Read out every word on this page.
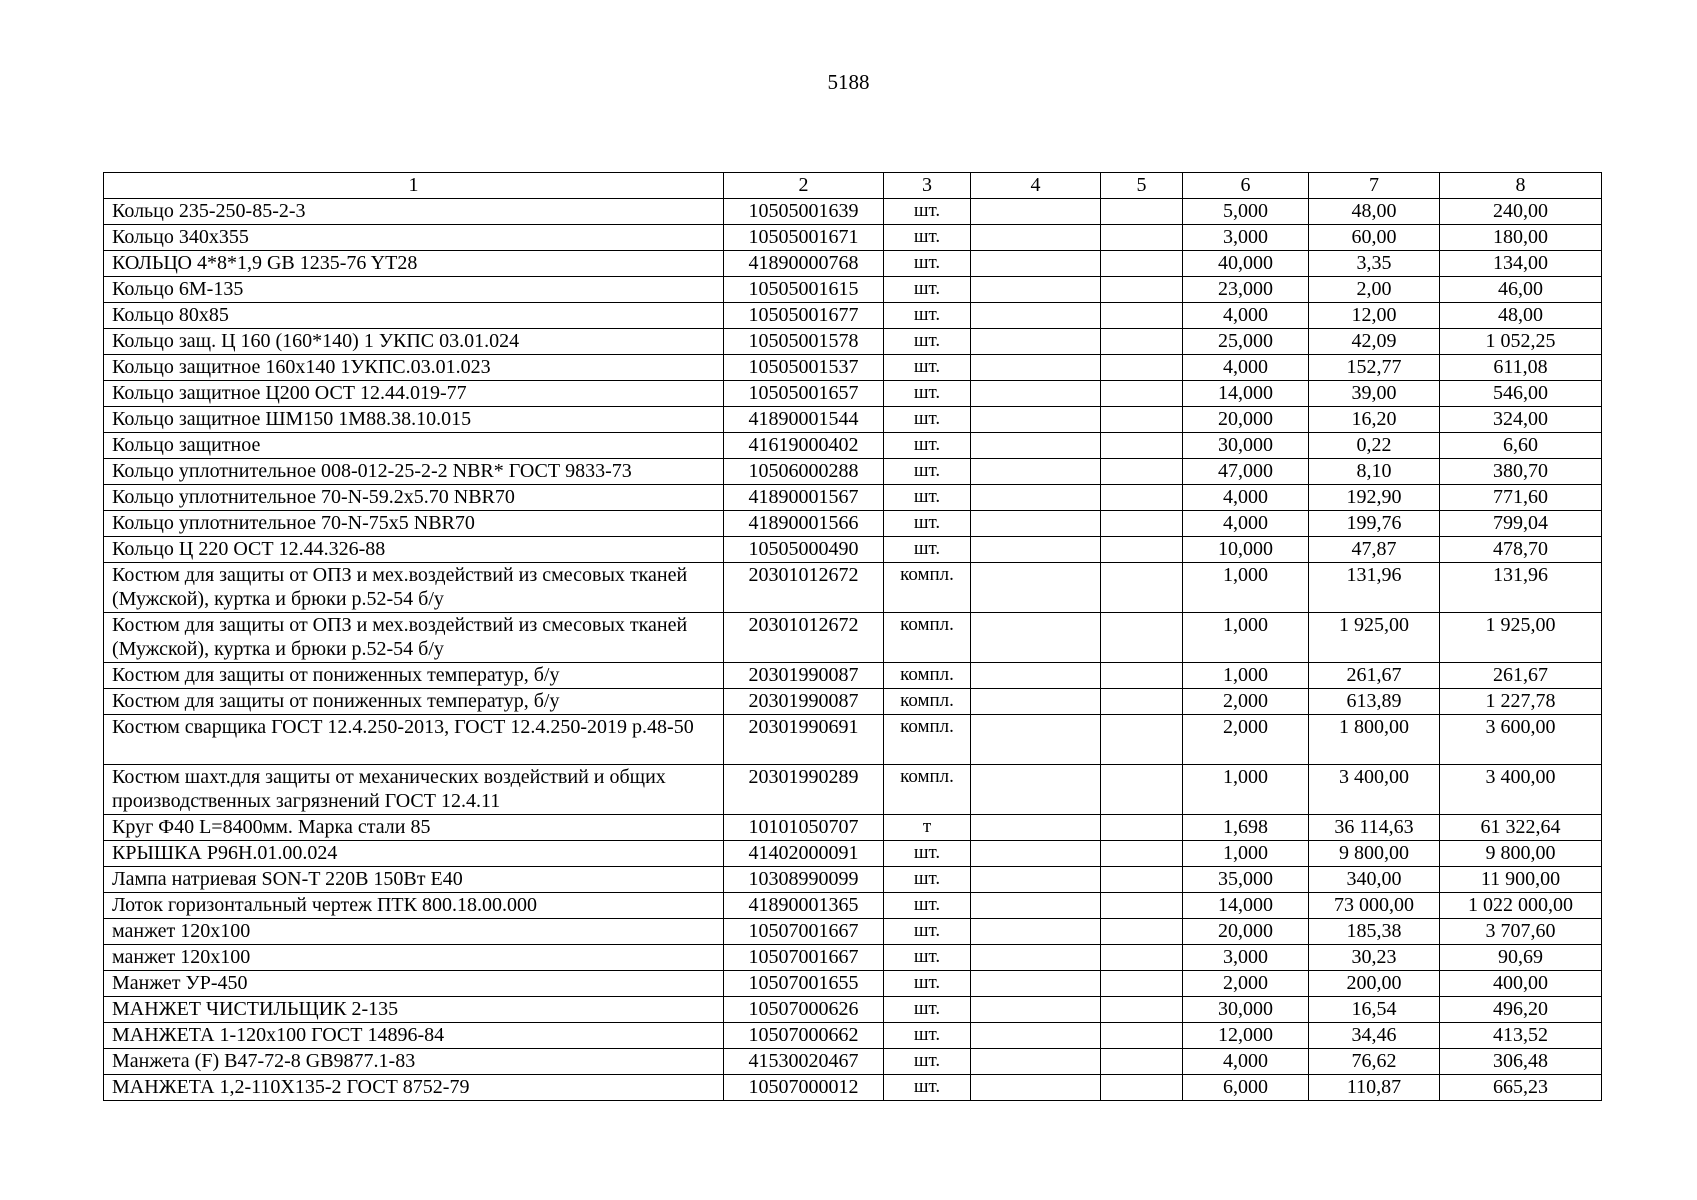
5188
1	2	3	4	5	6	7	8
Кольцо 235-250-85-2-3	10505001639	шт.			5,000	48,00	240,00
Кольцо 340x355	10505001671	шт.			3,000	60,00	180,00
КОЛЬЦО 4*8*1,9 GB 1235-76 YT28	41890000768	шт.			40,000	3,35	134,00
Кольцо 6М-135	10505001615	шт.			23,000	2,00	46,00
Кольцо 80x85	10505001677	шт.			4,000	12,00	48,00
Кольцо защ. Ц 160 (160*140) 1 УКПС 03.01.024	10505001578	шт.			25,000	42,09	1 052,25
Кольцо защитное 160х140 1УКПС.03.01.023	10505001537	шт.			4,000	152,77	611,08
Кольцо защитное Ц200 ОСТ 12.44.019-77	10505001657	шт.			14,000	39,00	546,00
Кольцо защитное ШМ150 1М88.38.10.015	41890001544	шт.			20,000	16,20	324,00
Кольцо защитное	41619000402	шт.			30,000	0,22	6,60
Кольцо уплотнительное 008-012-25-2-2 NBR* ГОСТ 9833-73	10506000288	шт.			47,000	8,10	380,70
Кольцо уплотнительное 70-N-59.2x5.70 NBR70	41890001567	шт.			4,000	192,90	771,60
Кольцо уплотнительное 70-N-75x5 NBR70	41890001566	шт.			4,000	199,76	799,04
Кольцо Ц 220 ОСТ 12.44.326-88	10505000490	шт.			10,000	47,87	478,70
Костюм для защиты от ОПЗ и мех.воздействий из смесовых тканей (Мужской), куртка и брюки р.52-54 б/у	20301012672	компл.			1,000	131,96	131,96
Костюм для защиты от ОПЗ и мех.воздействий из смесовых тканей (Мужской), куртка и брюки р.52-54 б/у	20301012672	компл.			1,000	1 925,00	1 925,00
Костюм для защиты от пониженных температур, б/у	20301990087	компл.			1,000	261,67	261,67
Костюм для защиты от пониженных температур, б/у	20301990087	компл.			2,000	613,89	1 227,78
Костюм сварщика ГОСТ 12.4.250-2013, ГОСТ 12.4.250-2019 р.48-50	20301990691	компл.			2,000	1 800,00	3 600,00
Костюм шахт.для защиты от механических воздействий и общих производственных загрязнений ГОСТ 12.4.11	20301990289	компл.			1,000	3 400,00	3 400,00
Круг Ф40 L=8400мм. Марка стали 85	10101050707	т			1,698	36 114,63	61 322,64
КРЫШКА Р96Н.01.00.024	41402000091	шт.			1,000	9 800,00	9 800,00
Лампа натриевая SON-T 220В 150Вт E40	10308990099	шт.			35,000	340,00	11 900,00
Лоток горизонтальный чертеж ПТК 800.18.00.000	41890001365	шт.			14,000	73 000,00	1 022 000,00
манжет 120х100	10507001667	шт.			20,000	185,38	3 707,60
манжет 120х100	10507001667	шт.			3,000	30,23	90,69
Манжет УР-450	10507001655	шт.			2,000	200,00	400,00
МАНЖЕТ ЧИСТИЛЬЩИК 2-135	10507000626	шт.			30,000	16,54	496,20
МАНЖЕТА 1-120х100 ГОСТ 14896-84	10507000662	шт.			12,000	34,46	413,52
Манжета (F) B47-72-8 GB9877.1-83	41530020467	шт.			4,000	76,62	306,48
МАНЖЕТА 1,2-110Х135-2 ГОСТ 8752-79	10507000012	шт.			6,000	110,87	665,23
